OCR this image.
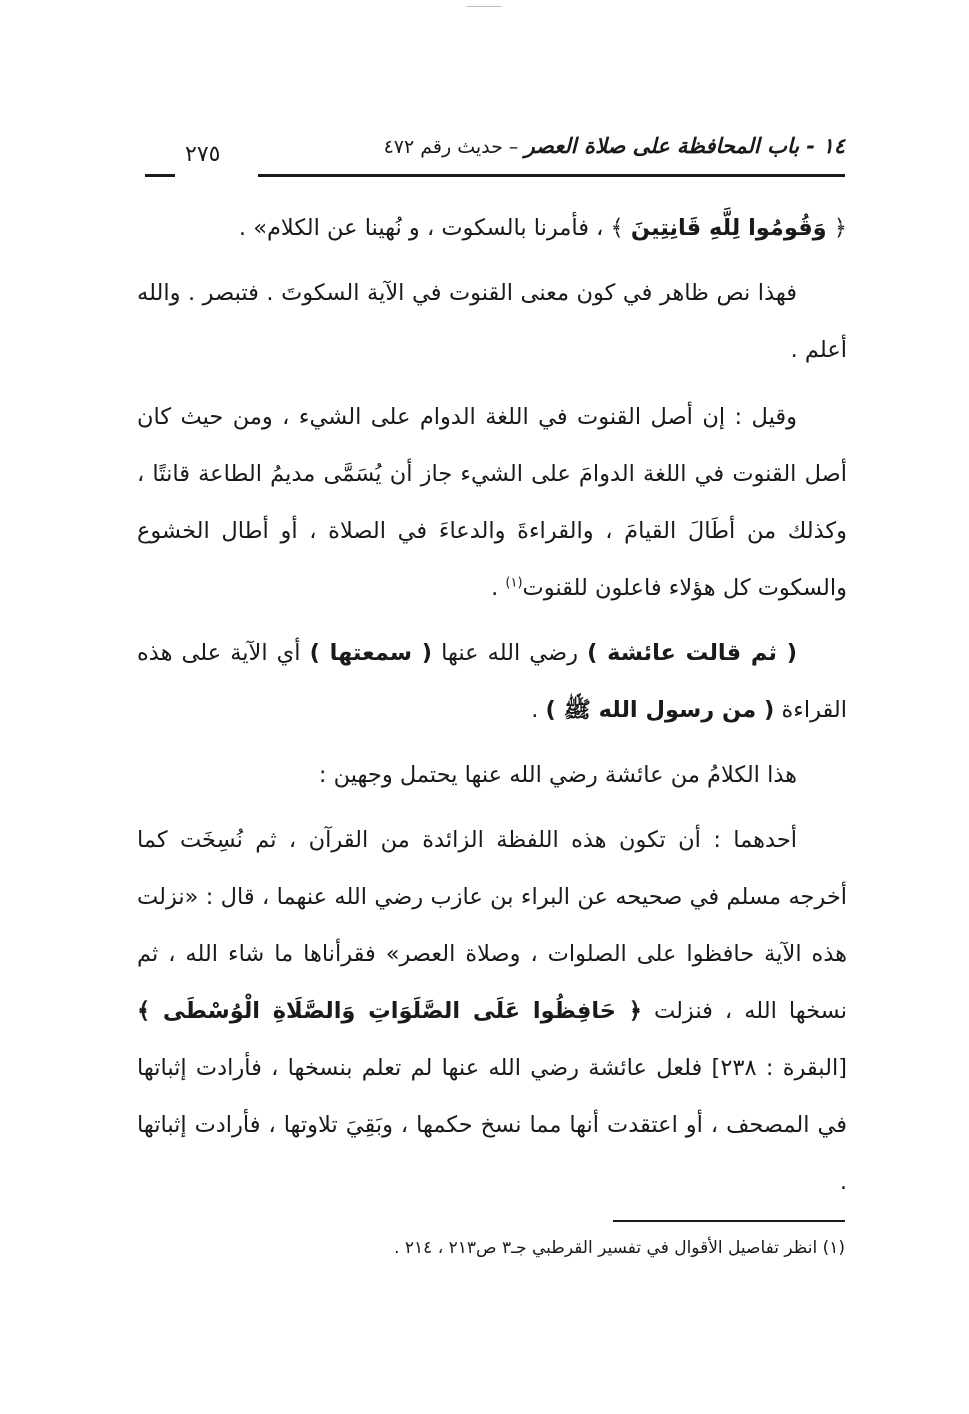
١٤ - باب المحافظة على صلاة العصر – حديث رقم ٤٧٢
٢٧٥

﴿ وَقُومُوا لِلَّهِ قَانِتِينَ ﴾ ، فأمرنا بالسكوت ، و نُهينا عن الكلام» .

فهذا نص ظاهر في كون معنى القنوت في الآية السكوتَ . فتبصر . والله أعلم .

وقيل : إن أصل القنوت في اللغة الدوام على الشيء ، ومن حيث كان أصل القنوت في اللغة الدوامَ على الشيء جاز أن يُسَمَّى مديمُ الطاعة قانتًا ، وكذلك من أطَالَ القيامَ ، والقراءةَ والدعاءَ في الصلاة ، أو أطال الخشوع والسكوت كل هؤلاء فاعلون للقنوت$^{(١)}$ .

( ثم قالت عائشة ) رضي الله عنها ( سمعتها ) أي الآية على هذه القراءة ( من رسول الله ﷺ ) .

هذا الكلامُ من عائشة رضي الله عنها يحتمل وجهين :

أحدهما : أن تكون هذه اللفظة الزائدة من القرآن ، ثم نُسِخَت كما أخرجه مسلم في صحيحه عن البراء بن عازب رضي الله عنهما ، قال : «نزلت هذه الآية حافظوا على الصلوات ، وصلاة العصر» فقرأناها ما شاء الله ، ثم نسخها الله ، فنزلت ﴿ حَافِظُوا عَلَى الصَّلَوَاتِ وَالصَّلَاةِ الْوُسْطَى ﴾ [البقرة : ٢٣٨] فلعل عائشة رضي الله عنها لم تعلم بنسخها ، فأرادت إثباتها في المصحف ، أو اعتقدت أنها مما نسخ حكمها ، وبَقِيَ تلاوتها ، فأرادت إثباتها .

(١) انظر تفاصيل الأقوال في تفسير القرطبي جـ٣ ص٢١٣ ، ٢١٤ .
